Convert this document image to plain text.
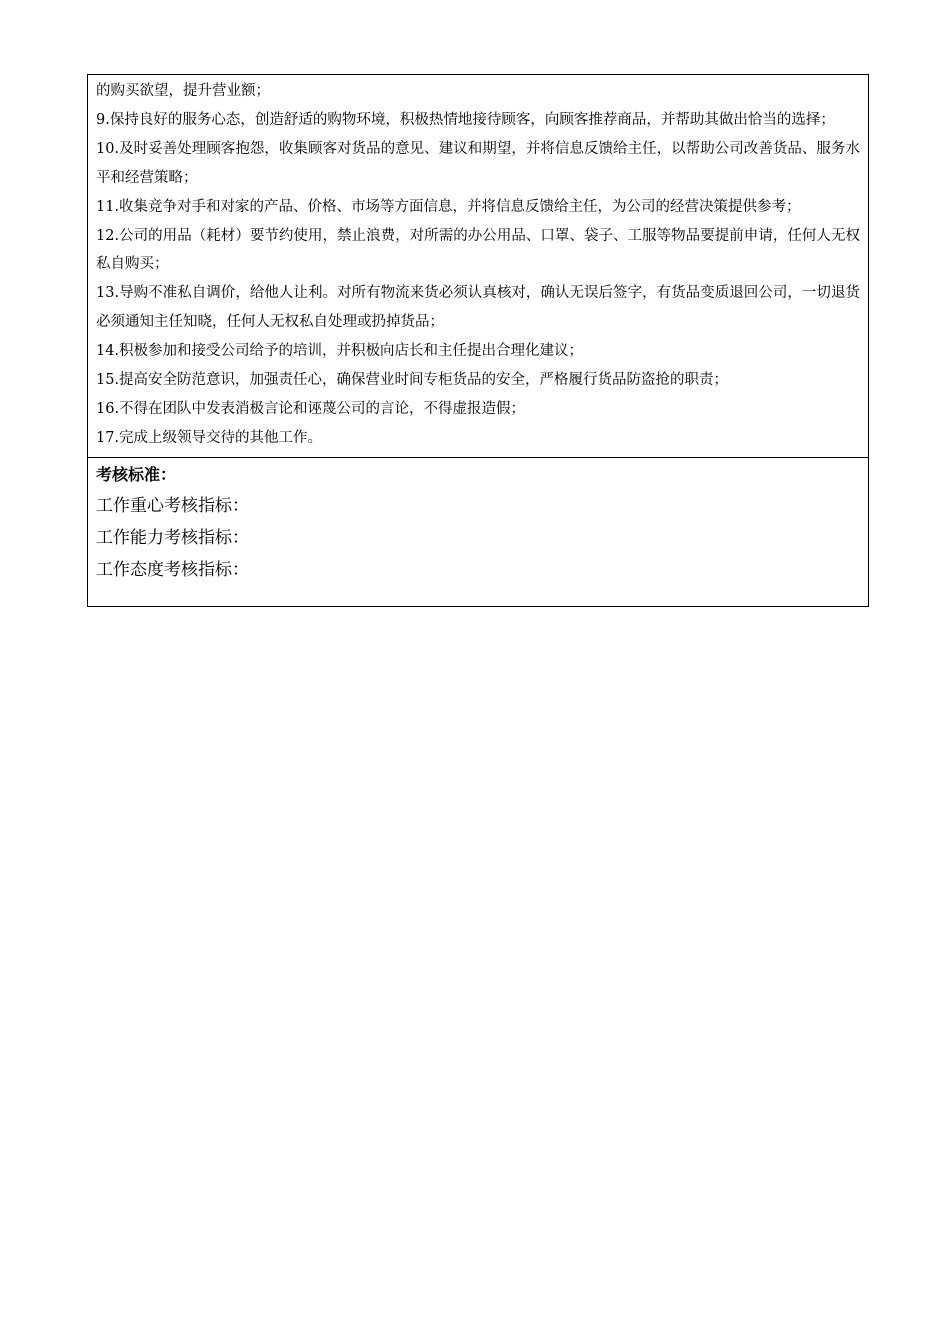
的购买欲望，提升营业额；
9.保持良好的服务心态，创造舒适的购物环境，积极热情地接待顾客，向顾客推荐商品，并帮助其做出恰当的选择；
10.及时妥善处理顾客抱怨，收集顾客对货品的意见、建议和期望，并将信息反馈给主任，以帮助公司改善货品、服务水平和经营策略；
11.收集竞争对手和对家的产品、价格、市场等方面信息，并将信息反馈给主任，为公司的经营决策提供参考；
12.公司的用品（耗材）要节约使用，禁止浪费，对所需的办公用品、口罩、袋子、工服等物品要提前申请，任何人无权私自购买；
13.导购不准私自调价，给他人让利。对所有物流来货必须认真核对，确认无误后签字，有货品变质退回公司，一切退货必须通知主任知晓，任何人无权私自处理或扔掉货品；
14.积极参加和接受公司给予的培训，并积极向店长和主任提出合理化建议；
15.提高安全防范意识，加强责任心，确保营业时间专柜货品的安全，严格履行货品防盗抢的职责；
16.不得在团队中发表消极言论和诬蔑公司的言论，不得虚报造假；
17.完成上级领导交待的其他工作。
考核标准：
工作重心考核指标：
工作能力考核指标：
工作态度考核指标：
